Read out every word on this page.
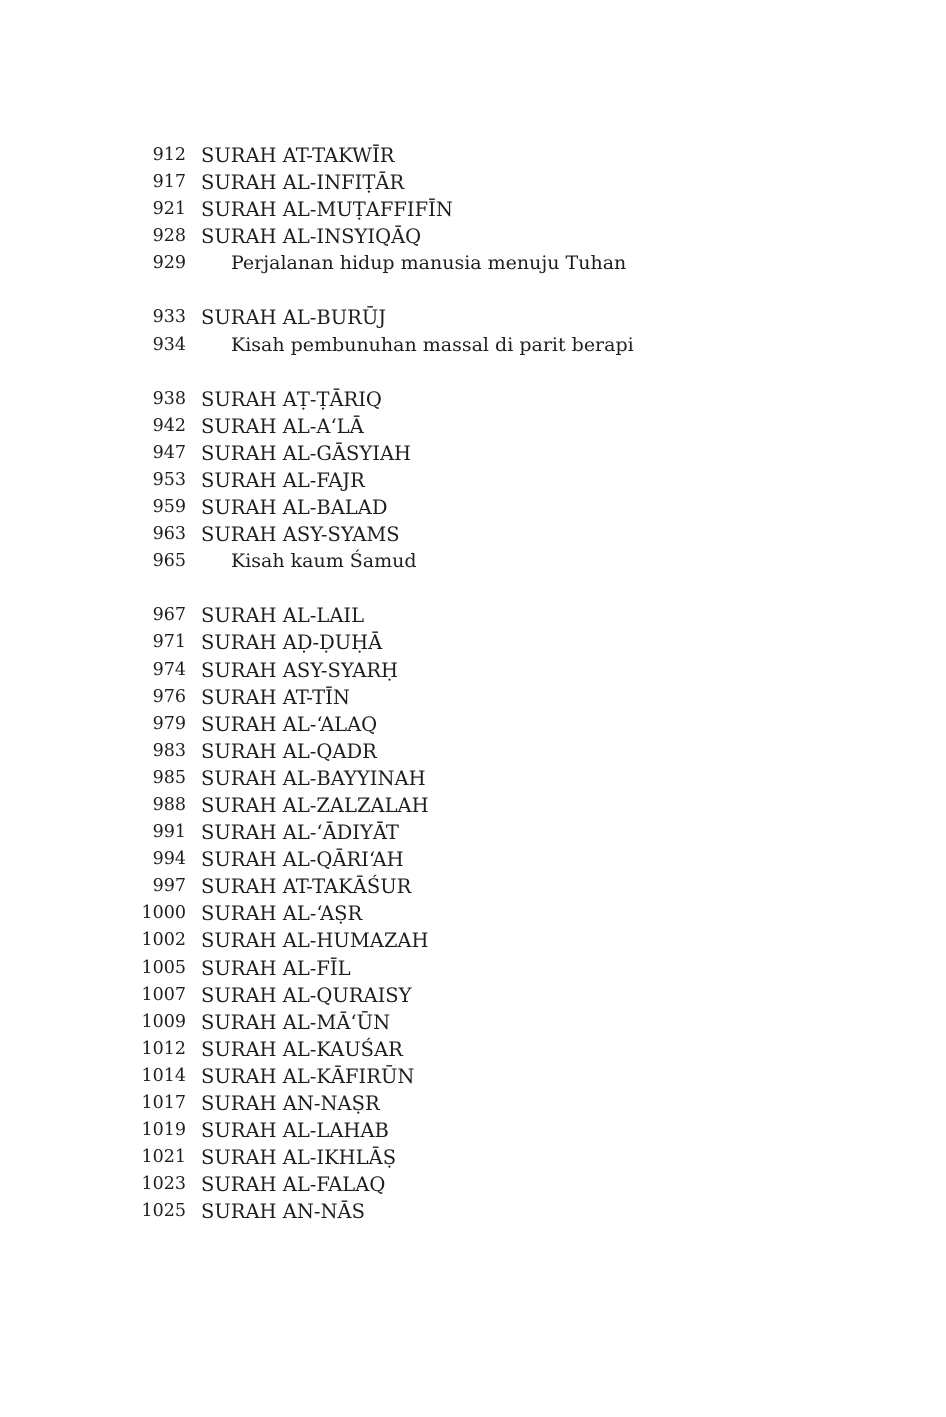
912 SURAH AT-TAKWĪR
917 SURAH AL-INFIṬĀR
921 SURAH AL-MUṬAFFIFĪN
928 SURAH AL-INSYIQĀQ
929 Perjalanan hidup manusia menuju Tuhan
933 SURAH AL-BURŪJ
934 Kisah pembunuhan massal di parit berapi
938 SURAH AṬ-ṬĀRIQ
942 SURAH AL-AʻLĀ
947 SURAH AL-GĀSYIAH
953 SURAH AL-FAJR
959 SURAH AL-BALAD
963 SURAH ASY-SYAMS
965 Kisah kaum Śamud
967 SURAH AL-LAIL
971 SURAH AḌ-ḌUḤĀ
974 SURAH ASY-SYARḤ
976 SURAH AT-TĪN
979 SURAH AL-ʻALAQ
983 SURAH AL-QADR
985 SURAH AL-BAYYINAH
988 SURAH AL-ZALZALAH
991 SURAH AL-ʻĀDIYĀT
994 SURAH AL-QĀRIʻAH
997 SURAH AT-TAKĀŚUR
1000 SURAH AL-ʻAṢR
1002 SURAH AL-HUMAZAH
1005 SURAH AL-FĪL
1007 SURAH AL-QURAISY
1009 SURAH AL-MĀʻŪN
1012 SURAH AL-KAUŚAR
1014 SURAH AL-KĀFIRŪN
1017 SURAH AN-NAṢR
1019 SURAH AL-LAHAB
1021 SURAH AL-IKHLĀṢ
1023 SURAH AL-FALAQ
1025 SURAH AN-NĀS
